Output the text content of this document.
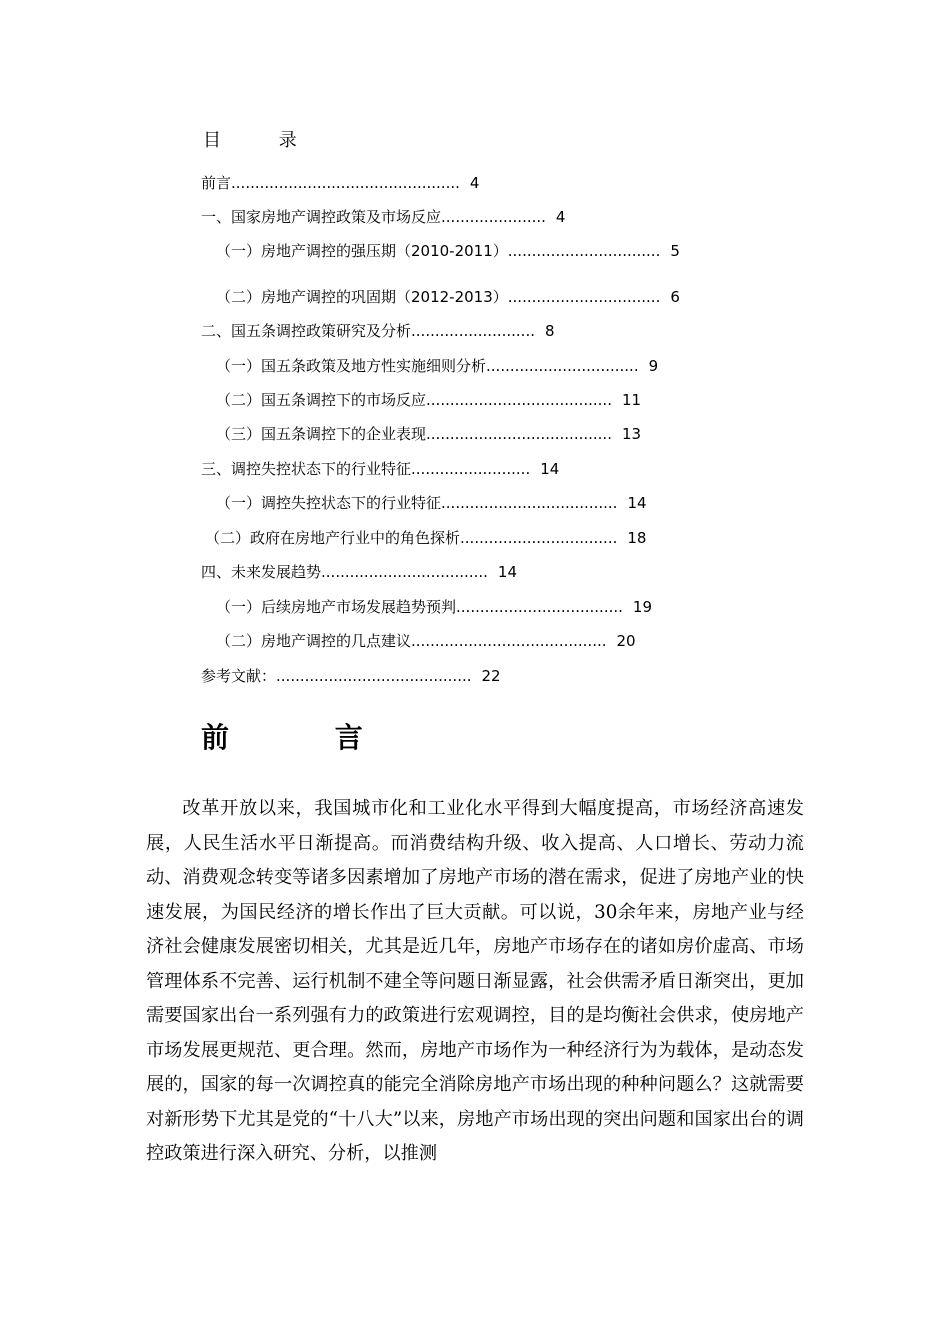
目 录
前言................................................ 4
一、国家房地产调控政策及市场反应...................... 4
（一）房地产调控的强压期（2010-2011）................................ 5
（二）房地产调控的巩固期（2012-2013）................................ 6
二、国五条调控政策研究及分析.......................... 8
（一）国五条政策及地方性实施细则分析................................ 9
（二）国五条调控下的市场反应....................................... 11
（三）国五条调控下的企业表现....................................... 13
三、调控失控状态下的行业特征......................... 14
（一）调控失控状态下的行业特征..................................... 14
（二）政府在房地产行业中的角色探析................................. 18
四、未来发展趋势................................... 14
（一）后续房地产市场发展趋势预判................................... 19
（二）房地产调控的几点建议......................................... 20
参考文献：......................................... 22
前 言

改革开放以来，我国城市化和工业化水平得到大幅度提高，市场经济高速发展，人民生活水平日渐提高。而消费结构升级、收入提高、人口增长、劳动力流动、消费观念转变等诸多因素增加了房地产市场的潜在需求，促进了房地产业的快速发展，为国民经济的增长作出了巨大贡献。可以说，30余年来，房地产业与经济社会健康发展密切相关，尤其是近几年，房地产市场存在的诸如房价虚高、市场管理体系不完善、运行机制不建全等问题日渐显露，社会供需矛盾日渐突出，更加需要国家出台一系列强有力的政策进行宏观调控，目的是均衡社会供求，使房地产市场发展更规范、更合理。然而，房地产市场作为一种经济行为为载体，是动态发展的，国家的每一次调控真的能完全消除房地产市场出现的种种问题么？这就需要对新形势下尤其是党的“十八大”以来，房地产市场出现的突出问题和国家出台的调控政策进行深入研究、分析，以推测
